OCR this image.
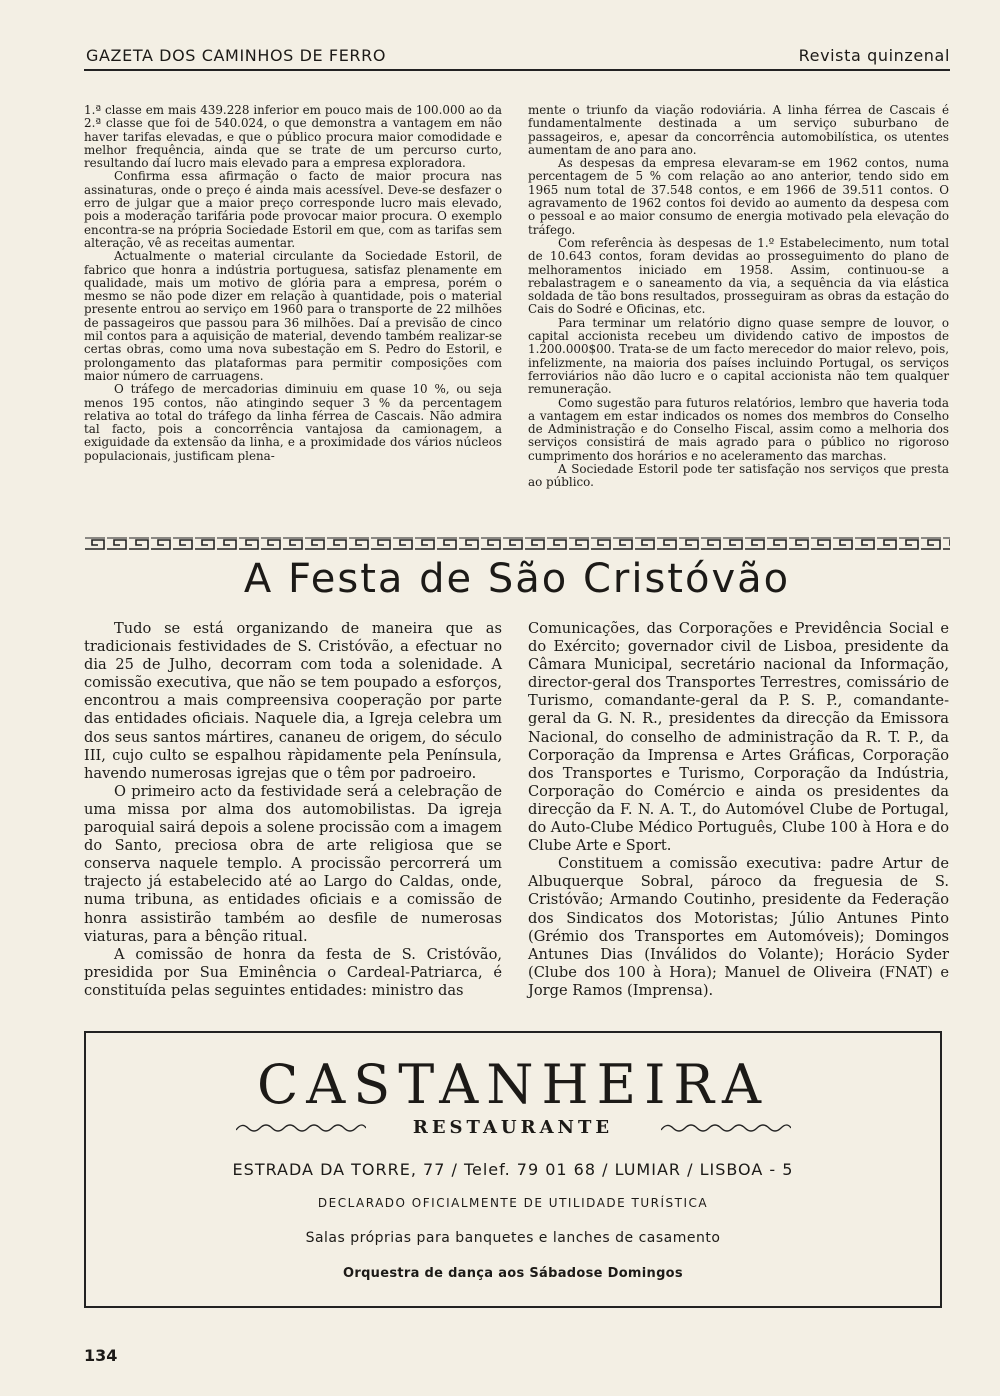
GAZETA DOS CAMINHOS DE FERRO	Revista quinzenal

1.ª classe em mais 439.228 inferior em pouco mais de 100.000 ao da 2.ª classe que foi de 540.024, o que demonstra a vantagem em não haver tarifas elevadas, e que o público procura maior comodidade e melhor frequência, ainda que se trate de um percurso curto, resultando daí lucro mais elevado para a empresa exploradora.

Confirma essa afirmação o facto de maior procura nas assinaturas, onde o preço é ainda mais acessível. Deve-se desfazer o erro de julgar que a maior preço corresponde lucro mais elevado, pois a moderação tarifária pode provocar maior procura. O exemplo encontra-se na própria Sociedade Estoril em que, com as tarifas sem alteração, vê as receitas aumentar.

Actualmente o material circulante da Sociedade Estoril, de fabrico que honra a indústria portuguesa, satisfaz plenamente em qualidade, mais um motivo de glória para a empresa, porém o mesmo se não pode dizer em relação à quantidade, pois o material presente entrou ao serviço em 1960 para o transporte de 22 milhões de passageiros que passou para 36 milhões. Daí a previsão de cinco mil contos para a aquisição de material, devendo também realizar-se certas obras, como uma nova subestação em S. Pedro do Estoril, e prolongamento das plataformas para permitir composições com maior número de carruagens.

O tráfego de mercadorias diminuiu em quase 10 %, ou seja menos 195 contos, não atingindo sequer 3 % da percentagem relativa ao total do tráfego da linha férrea de Cascais. Não admira tal facto, pois a concorrência vantajosa da camionagem, a exiguidade da extensão da linha, e a proximidade dos vários núcleos populacionais, justificam plena-

mente o triunfo da viação rodoviária. A linha férrea de Cascais é fundamentalmente destinada a um serviço suburbano de passageiros, e, apesar da concorrência automobilística, os utentes aumentam de ano para ano.

As despesas da empresa elevaram-se em 1962 contos, numa percentagem de 5 % com relação ao ano anterior, tendo sido em 1965 num total de 37.548 contos, e em 1966 de 39.511 contos. O agravamento de 1962 contos foi devido ao aumento da despesa com o pessoal e ao maior consumo de energia motivado pela elevação do tráfego.

Com referência às despesas de 1.º Estabelecimento, num total de 10.643 contos, foram devidas ao prosseguimento do plano de melhoramentos iniciado em 1958. Assim, continuou-se a rebalastragem e o saneamento da via, a sequência da via elástica soldada de tão bons resultados, prosseguiram as obras da estação do Cais do Sodré e Oficinas, etc.

Para terminar um relatório digno quase sempre de louvor, o capital accionista recebeu um dividendo cativo de impostos de 1.200.000$00. Trata-se de um facto merecedor do maior relevo, pois, infelizmente, na maioria dos países incluindo Portugal, os serviços ferroviários não dão lucro e o capital accionista não tem qualquer remuneração.

Como sugestão para futuros relatórios, lembro que haveria toda a vantagem em estar indicados os nomes dos membros do Conselho de Administração e do Conselho Fiscal, assim como a melhoria dos serviços consistirá de mais agrado para o público no rigoroso cumprimento dos horários e no aceleramento das marchas.

A Sociedade Estoril pode ter satisfação nos serviços que presta ao público.

A Festa de São Cristóvão

Tudo se está organizando de maneira que as tradicionais festividades de S. Cristóvão, a efectuar no dia 25 de Julho, decorram com toda a solenidade. A comissão executiva, que não se tem poupado a esforços, encontrou a mais compreensiva cooperação por parte das entidades oficiais. Naquele dia, a Igreja celebra um dos seus santos mártires, cananeu de origem, do século III, cujo culto se espalhou ràpidamente pela Península, havendo numerosas igrejas que o têm por padroeiro.

O primeiro acto da festividade será a celebração de uma missa por alma dos automobilistas. Da igreja paroquial sairá depois a solene procissão com a imagem do Santo, preciosa obra de arte religiosa que se conserva naquele templo. A procissão percorrerá um trajecto já estabelecido até ao Largo do Caldas, onde, numa tribuna, as entidades oficiais e a comissão de honra assistirão também ao desfile de numerosas viaturas, para a bênção ritual.

A comissão de honra da festa de S. Cristóvão, presidida por Sua Eminência o Cardeal-Patriarca, é constituída pelas seguintes entidades: ministro das

Comunicações, das Corporações e Previdência Social e do Exército; governador civil de Lisboa, presidente da Câmara Municipal, secretário nacional da Informação, director-geral dos Transportes Terrestres, comissário de Turismo, comandante-geral da P. S. P., comandante-geral da G. N. R., presidentes da direcção da Emissora Nacional, do conselho de administração da R. T. P., da Corporação da Imprensa e Artes Gráficas, Corporação dos Transportes e Turismo, Corporação da Indústria, Corporação do Comércio e ainda os presidentes da direcção da F. N. A. T., do Automóvel Clube de Portugal, do Auto-Clube Médico Português, Clube 100 à Hora e do Clube Arte e Sport.

Constituem a comissão executiva: padre Artur de Albuquerque Sobral, pároco da freguesia de S. Cristóvão; Armando Coutinho, presidente da Federação dos Sindicatos dos Motoristas; Júlio Antunes Pinto (Grémio dos Transportes em Automóveis); Domingos Antunes Dias (Inválidos do Volante); Horácio Syder (Clube dos 100 à Hora); Manuel de Oliveira (FNAT) e Jorge Ramos (Imprensa).

CASTANHEIRA
RESTAURANTE
ESTRADA DA TORRE, 77 / Telef. 79 01 68 / LUMIAR / LISBOA - 5
DECLARADO OFICIALMENTE DE UTILIDADE TURÍSTICA
Salas próprias para banquetes e lanches de casamento
Orquestra de dança aos Sábadose Domingos
134
